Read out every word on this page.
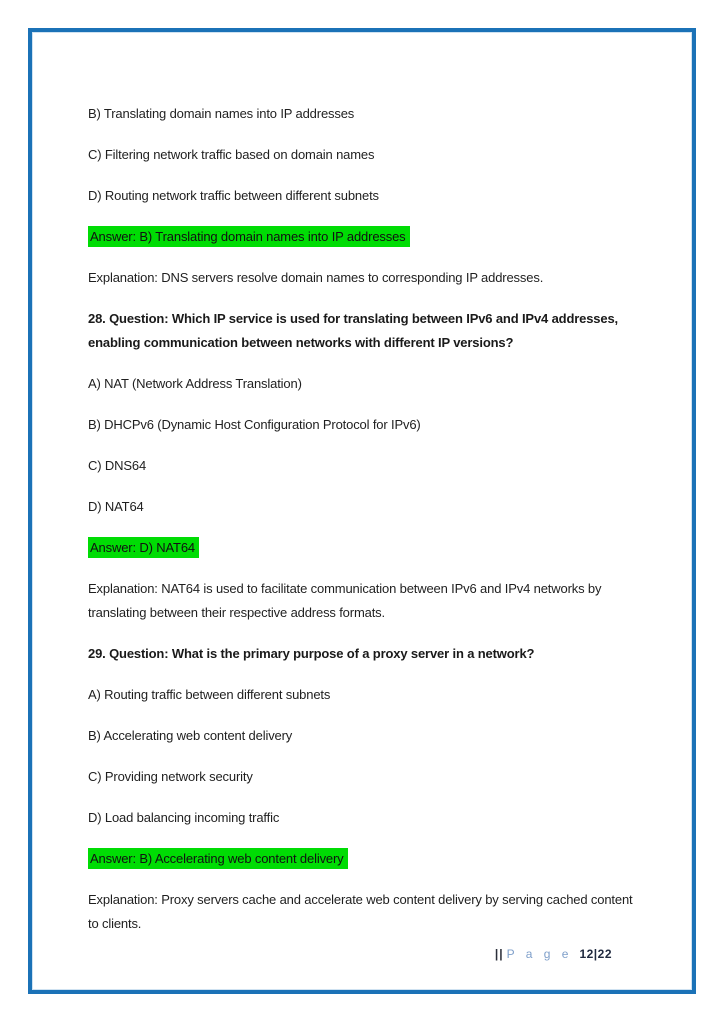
B) Translating domain names into IP addresses

C) Filtering network traffic based on domain names

D) Routing network traffic between different subnets

Answer: B) Translating domain names into IP addresses

Explanation: DNS servers resolve domain names to corresponding IP addresses.

28. Question: Which IP service is used for translating between IPv6 and IPv4 addresses, enabling communication between networks with different IP versions?

A) NAT (Network Address Translation)

B) DHCPv6 (Dynamic Host Configuration Protocol for IPv6)

C) DNS64

D) NAT64

Answer: D) NAT64

Explanation: NAT64 is used to facilitate communication between IPv6 and IPv4 networks by translating between their respective address formats.

29. Question: What is the primary purpose of a proxy server in a network?

A) Routing traffic between different subnets

B) Accelerating web content delivery

C) Providing network security

D) Load balancing incoming traffic

Answer: B) Accelerating web content delivery

Explanation: Proxy servers cache and accelerate web content delivery by serving cached content to clients.

|| P a g e 12|22
